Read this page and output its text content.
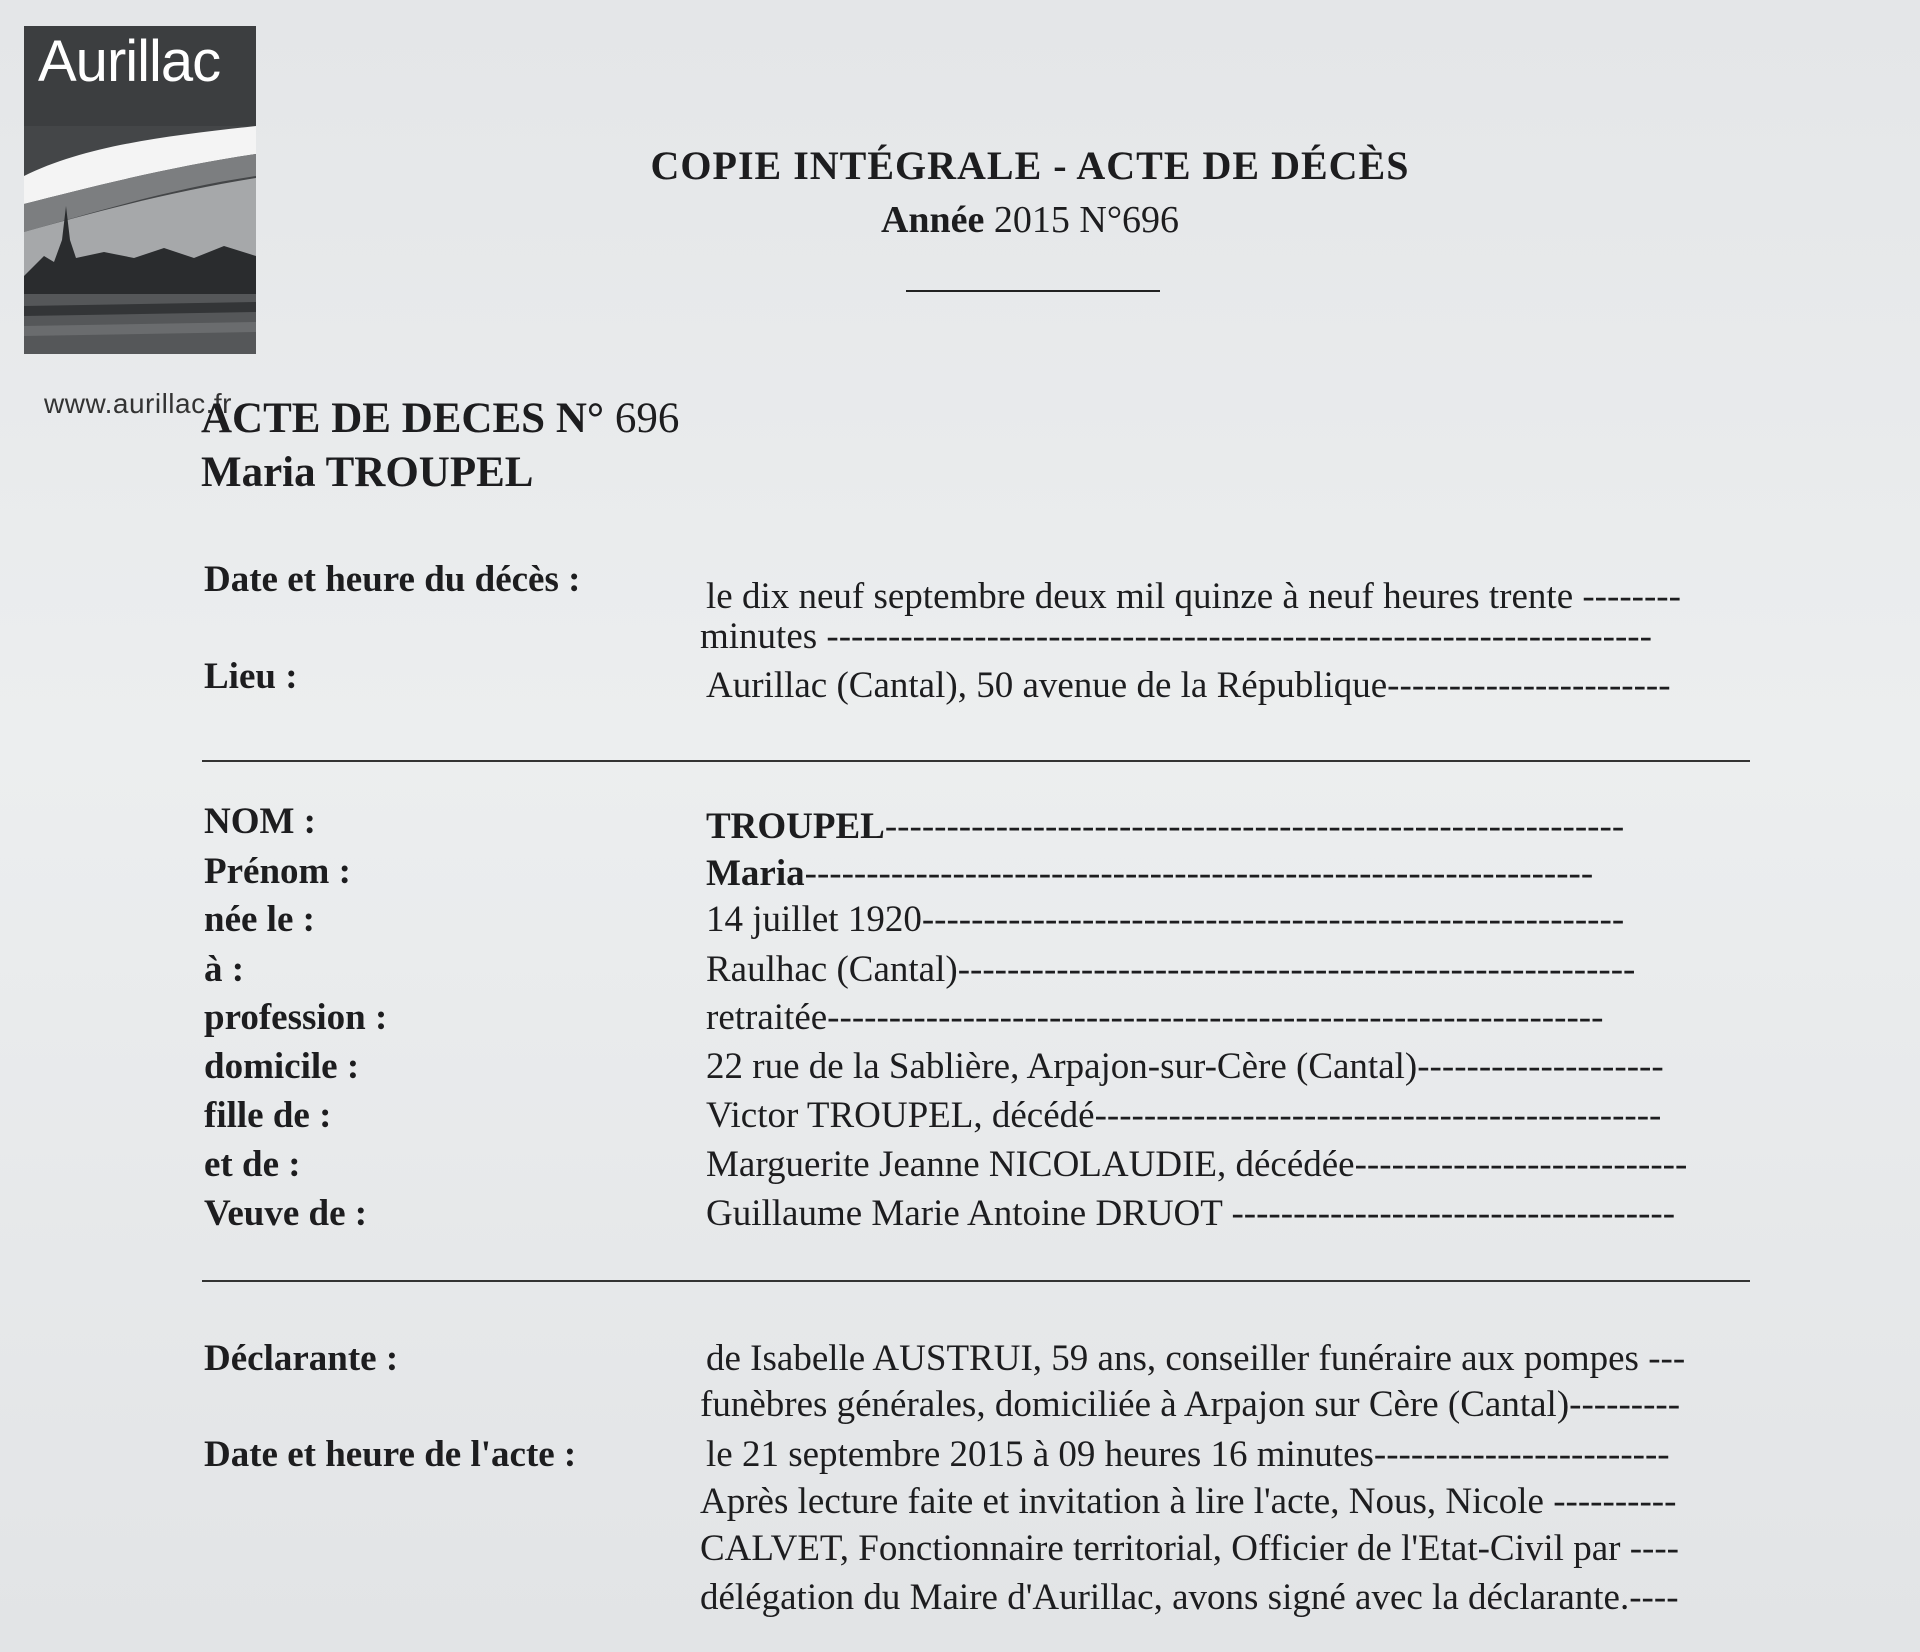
Aurillac
www.aurillac.fr
COPIE INTÉGRALE - ACTE DE DÉCÈS
Année 2015 N°696
ACTE DE DECES N° 696
Maria TROUPEL
Date et heure du décès :	le dix neuf septembre deux mil quinze à neuf heures trente --------
minutes -------------------------------------------------------------------
Lieu :	Aurillac (Cantal), 50 avenue de la République-----------------------
NOM :	TROUPEL------------------------------------------------------------
Prénom :	Maria----------------------------------------------------------------
née le :	14 juillet 1920---------------------------------------------------------
à :	Raulhac (Cantal)-------------------------------------------------------
profession :	retraitée---------------------------------------------------------------
domicile :	22 rue de la Sablière, Arpajon-sur-Cère (Cantal)--------------------
fille de :	Victor TROUPEL, décédé----------------------------------------------
et de :	Marguerite Jeanne NICOLAUDIE, décédée---------------------------
Veuve de :	Guillaume Marie Antoine DRUOT ------------------------------------
Déclarante :	de Isabelle AUSTRUI, 59 ans, conseiller funéraire aux pompes ---
funèbres générales, domiciliée à Arpajon sur Cère (Cantal)---------
Date et heure de l'acte :	le 21 septembre 2015 à 09 heures 16 minutes------------------------
Après lecture faite et invitation à lire l'acte, Nous, Nicole ----------
CALVET, Fonctionnaire territorial, Officier de l'Etat-Civil par ----
délégation du Maire d'Aurillac, avons signé avec la déclarante.----
